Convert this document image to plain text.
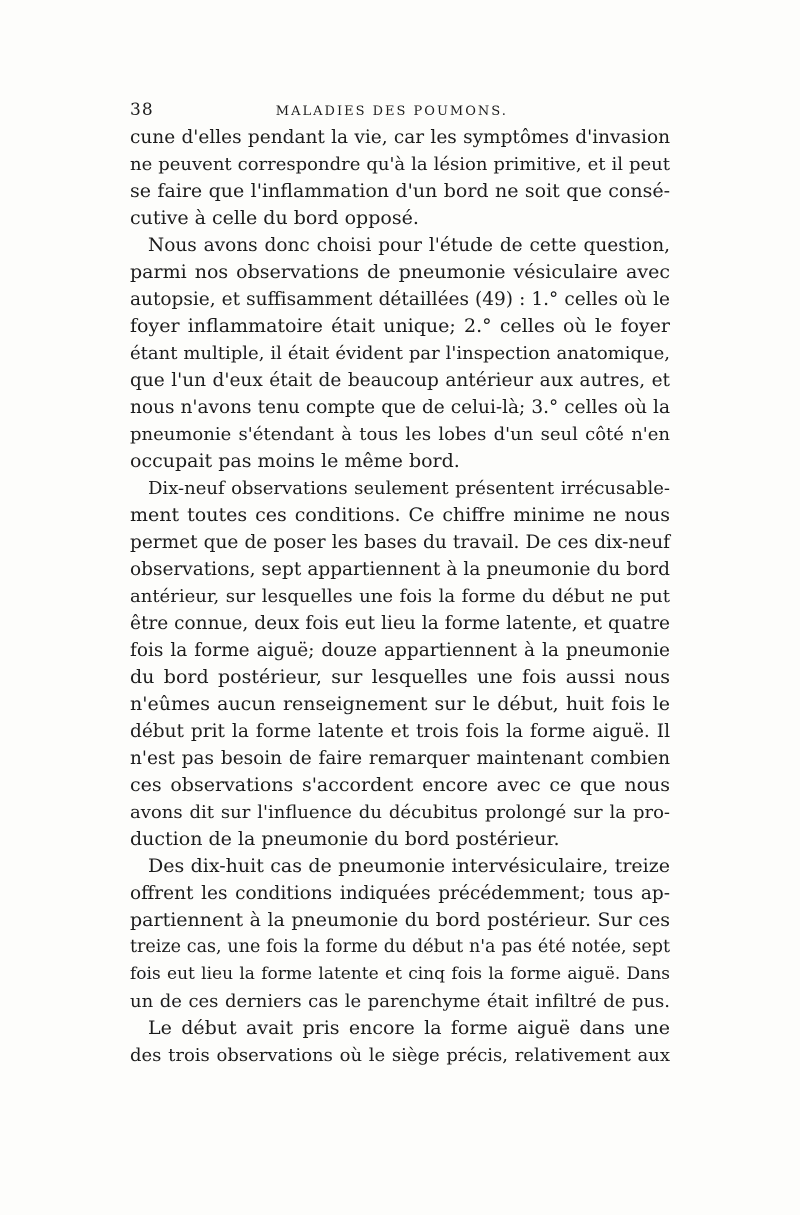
38	MALADIES DES POUMONS.
cune d'elles pendant la vie, car les symptômes d'invasion
ne peuvent correspondre qu'à la lésion primitive, et il peut
se faire que l'inflammation d'un bord ne soit que consé-
cutive à celle du bord opposé.
Nous avons donc choisi pour l'étude de cette question,
parmi nos observations de pneumonie vésiculaire avec
autopsie, et suffisamment détaillées (49) : 1.° celles où le
foyer inflammatoire était unique; 2.° celles où le foyer
étant multiple, il était évident par l'inspection anatomique,
que l'un d'eux était de beaucoup antérieur aux autres, et
nous n'avons tenu compte que de celui-là; 3.° celles où la
pneumonie s'étendant à tous les lobes d'un seul côté n'en
occupait pas moins le même bord.
Dix-neuf observations seulement présentent irrécusable-
ment toutes ces conditions. Ce chiffre minime ne nous
permet que de poser les bases du travail. De ces dix-neuf
observations, sept appartiennent à la pneumonie du bord
antérieur, sur lesquelles une fois la forme du début ne put
être connue, deux fois eut lieu la forme latente, et quatre
fois la forme aiguë; douze appartiennent à la pneumonie
du bord postérieur, sur lesquelles une fois aussi nous
n'eûmes aucun renseignement sur le début, huit fois le
début prit la forme latente et trois fois la forme aiguë. Il
n'est pas besoin de faire remarquer maintenant combien
ces observations s'accordent encore avec ce que nous
avons dit sur l'influence du décubitus prolongé sur la pro-
duction de la pneumonie du bord postérieur.
Des dix-huit cas de pneumonie intervésiculaire, treize
offrent les conditions indiquées précédemment; tous ap-
partiennent à la pneumonie du bord postérieur. Sur ces
treize cas, une fois la forme du début n'a pas été notée, sept
fois eut lieu la forme latente et cinq fois la forme aiguë. Dans
un de ces derniers cas le parenchyme était infiltré de pus.
Le début avait pris encore la forme aiguë dans une
des trois observations où le siège précis, relativement aux
